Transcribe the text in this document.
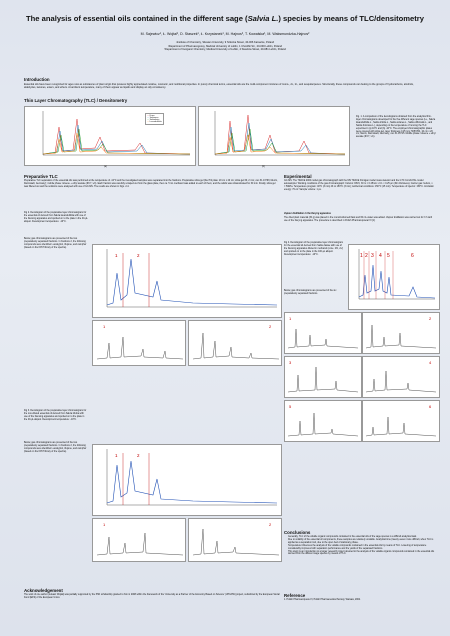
The analysis of essential oils contained in the different sage (Salvia L.) species by means of TLC/densitometry
M. Sajewicz¹, Ł. Wojtal¹, D. Staszek¹, Ł. Krzystanek¹, M. Hajnos², T. Kowalska¹, M. Waksmundzka-Hajnos²
¹Institute of Chemistry, Silesian University, 9 Szkolna Street, 40-006 Katowice, Poland
²Department of Pharmacognosy, Medical University of Lublin, 1 Chodźki Str., 20-093 Lublin, Poland
³Department of Inorganic Chemistry, Medical University of Lublin, 4 Staszica Street, 20-081 Lublin, Poland
Introduction
Essential oils have been recognized for ages now as substances of plant origin that possess highly appreciated curative, cosmetic, and nutritional properties. In purely chemical terms, essential oils are the multi-component mixtures of mono-, di-, tri-, and sesquiterpenes. Structurally, these compounds can belong to the groups of hydrocarbons, alcohols, aldehydes, ketones, esters, and ethers. At ambient temperature, many of them appear as liquids and display an oily consistency.
Thin Layer Chromatography (TLC) / Densitometry
— Fiuza
— Salvianna
— Salviaheim
— Lavandulifolia
(a)	(b)
Fig. 1. A comparison of the densitograms obtained from the analytical thin-layer chromatograms developed for the five different sage species (i.e., Salvia lavandulifolia L., Salvia triloba L., Salvia sclarea L., Salvia officinalis L., and Salvia fruticosa L.), depending on the temperature of running the TLC experiment: (a) 10°C and (b) -10°C. The employed chromatographic plates were covered with silica gel, layer thickness 0.25 mm; 5657254, 10 cm x 20 cm; Merck, Darmstadt, Germany; cat. #1.05715. Mobile phase: toluene + ethyl acetate (93:7, v/v).
Preparative TLC
Preparative TLC separation of the essential oils was performed at the temperature of -10°C and the investigated samples were separated into the fractions. Preparative silica gel (the P/2 plate: 20 cm x 20 cm; silica gel 60, 2 mm; cat. #1.13793; Merck, Darmstadt, Germany); mobile phase: toluene + ethyl acetate (93:7, v/v). Each fraction was carefully scraped out from the glass plate, then ca. 5 mL methanol was added to each of them, and the solids was ultrasonicated for 30 min. Finally, silica gel was filtered out and the solutions were analysed with use of GC-MS. The results are shown in Figs. 2-4.
Experimental
GC-MS: The TRACE 2000 model gas chromatograph with the MS TRACE Finnigan model mass detector and the GTC Combi PAL model autosampler. Working conditions of the gas chromatograph: Column: DB-5, 30 m × 0.25mm x 0.1 × 0.25 µm (film thickness). Carrier gas: helium, ν = 50kPa. Temperature program: 40°C (3 min) 4K to 150°C (3 min); isothermal conditions: 150°C (15 min). Temperature of injector: 150°C. Ionization energy: 70 eV. Sample volume: 1 µL.
Vapour distillation in the Deryng apparatus
The dried plant material (30 g) was placed in the round-bottomed flask and 60 mL water was added. Vapour distillation was carried out for 3 h with use of the Deryng apparatus. The procedure is described in Polish Pharmacopoeial VI [1].
Fig 2. Densitogram of the preparative layer chromatogram for the essential oil derived from Salvia lavandulifolia with use of the Densing apparatus and spotted on to the plate in the 40-µL aliquot. Development temperature: -10°C.
Below, gas chromatograms are presented of the two preparatively separated fractions. In fractions 2, the following compounds were identified: eucalyptol, thujone, and camphor (based on the NIST library of the spectra).
1	2
1	2
Fig 4. Densitogram of the preparative layer chromatogram for the essential oil derived from Salvia fasiae with use of the Densing apparatus diluted in methanol (cone. 2%, v/v) and spotted on to the plate in the 100-µL aliquot. Development temperature: -10°C.
Below, gas chromatograms are presented of the six preparatively separated fractions.
1 2 3 4 5	6
1	2
3	4
5	6
Fig 3. Densitogram of the preparative layer chromatogram for the non-diluted essential oil derived from Salvia triloba with use of the Densing apparatus and spotted on to the plate in the 40-µL aliquot. Development temperature: -10°C.
Below, gas chromatograms are presented of the two preparatively separated fractions. In fractions 2, the following compounds were identified: eucalyptol, thujone, and camphor (based on the NIST library of the spectra).
1	2
1	2
Conclusions
• Generally, TLC of the volatile organic compounds contained in the essential oils of the sage species is a difficult analytical task.
• Due to volatility of the essential oil components, these samples are relatively unstable. Analytical time (twenty-seven more difficult, when TLC is applied as a separation tool, due to the open bed of stationary phase.
• Temperature influences the analysis of the volatile compounds contained in the essential oils by means of TLC. Lowering of temperature considerably improves both separation performance and the yields of the separated fractions.
• This study is an introduction to a larger research project devoted to the analysis of the volatile organic compounds contained in the essential oils derived from the different sage species by means of TLC.
Reference
1. Polish Pharmacopoeia VI, Polish Pharmaceutical Society, Warsaw, 2002.
Acknowledgement
The work of one author (Łukasz Wojtal) was partially supported by the PhD scholarship granted to him in 2008 within the framework of the 'University as a Partner of the Economy Based on Science' (UPGOW) project, subsidized by the European Social Fund (EFS) of the European Union.
